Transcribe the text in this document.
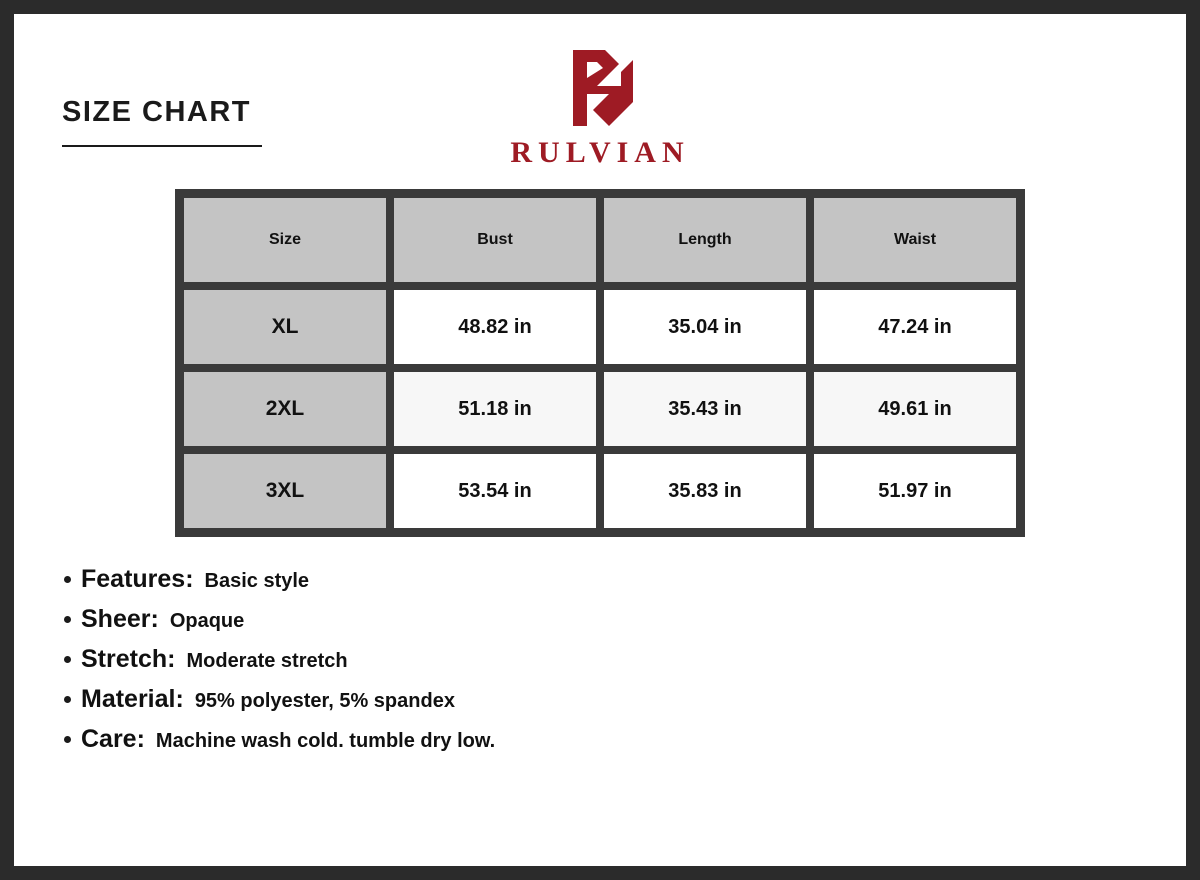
SIZE CHART
RULVIAN
Size	Bust	Length	Waist
XL	48.82 in	35.04 in	47.24 in
2XL	51.18 in	35.43 in	49.61 in
3XL	53.54 in	35.83 in	51.97 in
Features: Basic style
Sheer: Opaque
Stretch: Moderate stretch
Material: 95% polyester, 5% spandex
Care: Machine wash cold. tumble dry low.
